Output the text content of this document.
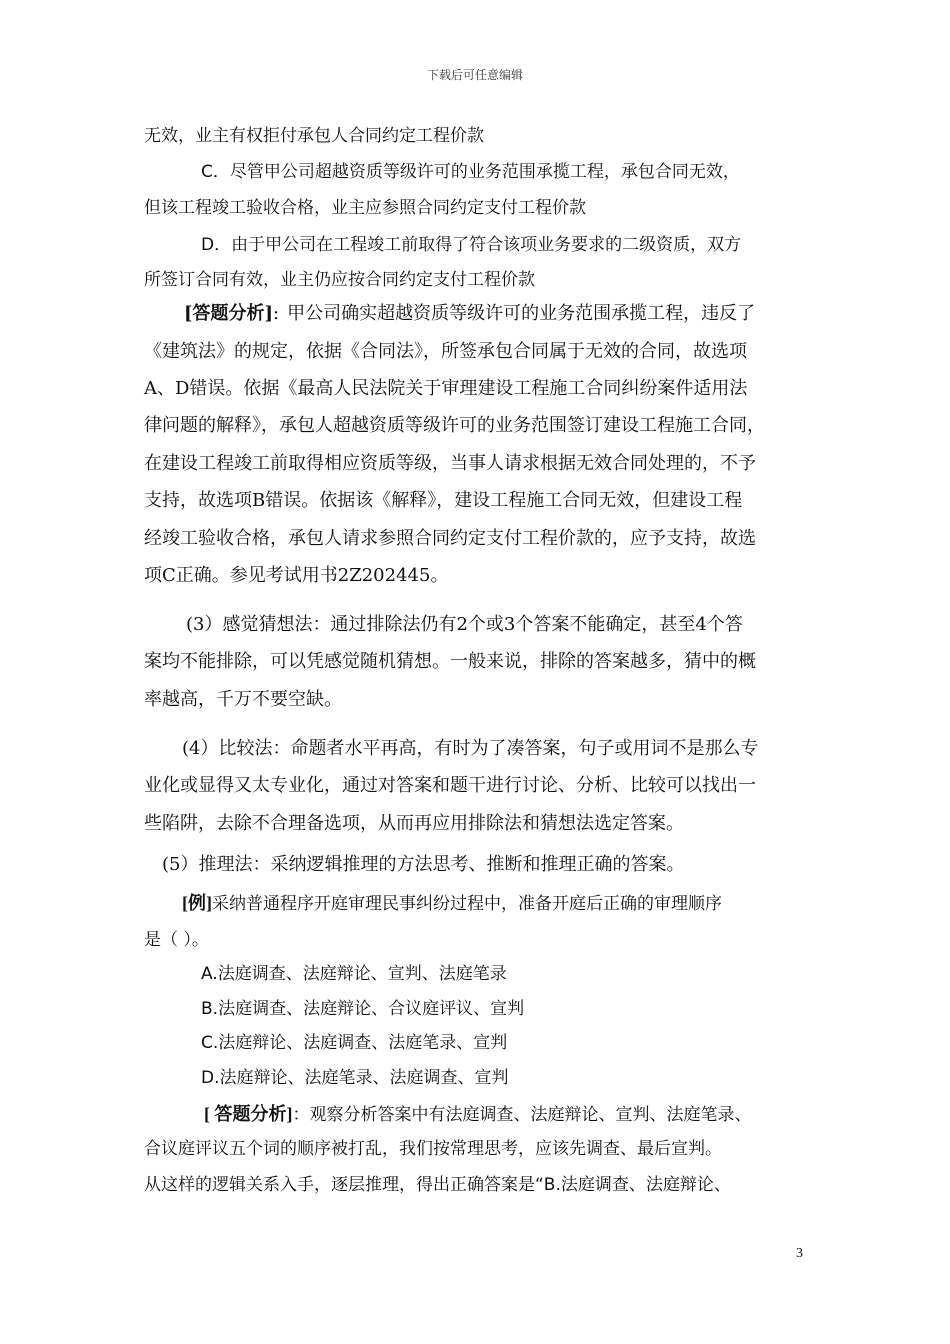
下载后可任意编辑
无效，业主有权拒付承包人合同约定工程价款
C．尽管甲公司超越资质等级许可的业务范围承揽工程，承包合同无效，
但该工程竣工验收合格，业主应参照合同约定支付工程价款
D．由于甲公司在工程竣工前取得了符合该项业务要求的二级资质，双方
所签订合同有效，业主仍应按合同约定支付工程价款
[答题分析]: 甲公司确实超越资质等级许可的业务范围承揽工程，违反了
《建筑法》的规定，依据《合同法》，所签承包合同属于无效的合同，故选项
A、D错误。依据《最高人民法院关于审理建设工程施工合同纠纷案件适用法
律问题的解释》，承包人超越资质等级许可的业务范围签订建设工程施工合同，
在建设工程竣工前取得相应资质等级，当事人请求根据无效合同处理的，不予
支持，故选项B错误。依据该《解释》，建设工程施工合同无效，但建设工程
经竣工验收合格，承包人请求参照合同约定支付工程价款的，应予支持，故选
项C正确。参见考试用书2Z202445。
(3）感觉猜想法：通过排除法仍有2个或3个答案不能确定，甚至4个答
案均不能排除，可以凭感觉随机猜想。一般来说，排除的答案越多，猜中的概
率越高，千万不要空缺。
(4）比较法：命题者水平再高，有时为了凑答案，句子或用词不是那么专
业化或显得又太专业化，通过对答案和题干进行讨论、分析、比较可以找出一
些陷阱，去除不合理备选项，从而再应用排除法和猜想法选定答案。
(5）推理法：采纳逻辑推理的方法思考、推断和推理正确的答案。
[例]采纳普通程序开庭审理民事纠纷过程中，准备开庭后正确的审理顺序
是（ ）。
A.法庭调查、法庭辩论、宣判、法庭笔录
B.法庭调查、法庭辩论、合议庭评议、宣判
C.法庭辩论、法庭调查、法庭笔录、宣判
D.法庭辩论、法庭笔录、法庭调查、宣判
[ 答题分析]：观察分析答案中有法庭调查、法庭辩论、宣判、法庭笔录、
合议庭评议五个词的顺序被打乱，我们按常理思考，应该先调查、最后宣判。
从这样的逻辑关系入手，逐层推理，得出正确答案是“B.法庭调查、法庭辩论、
3
